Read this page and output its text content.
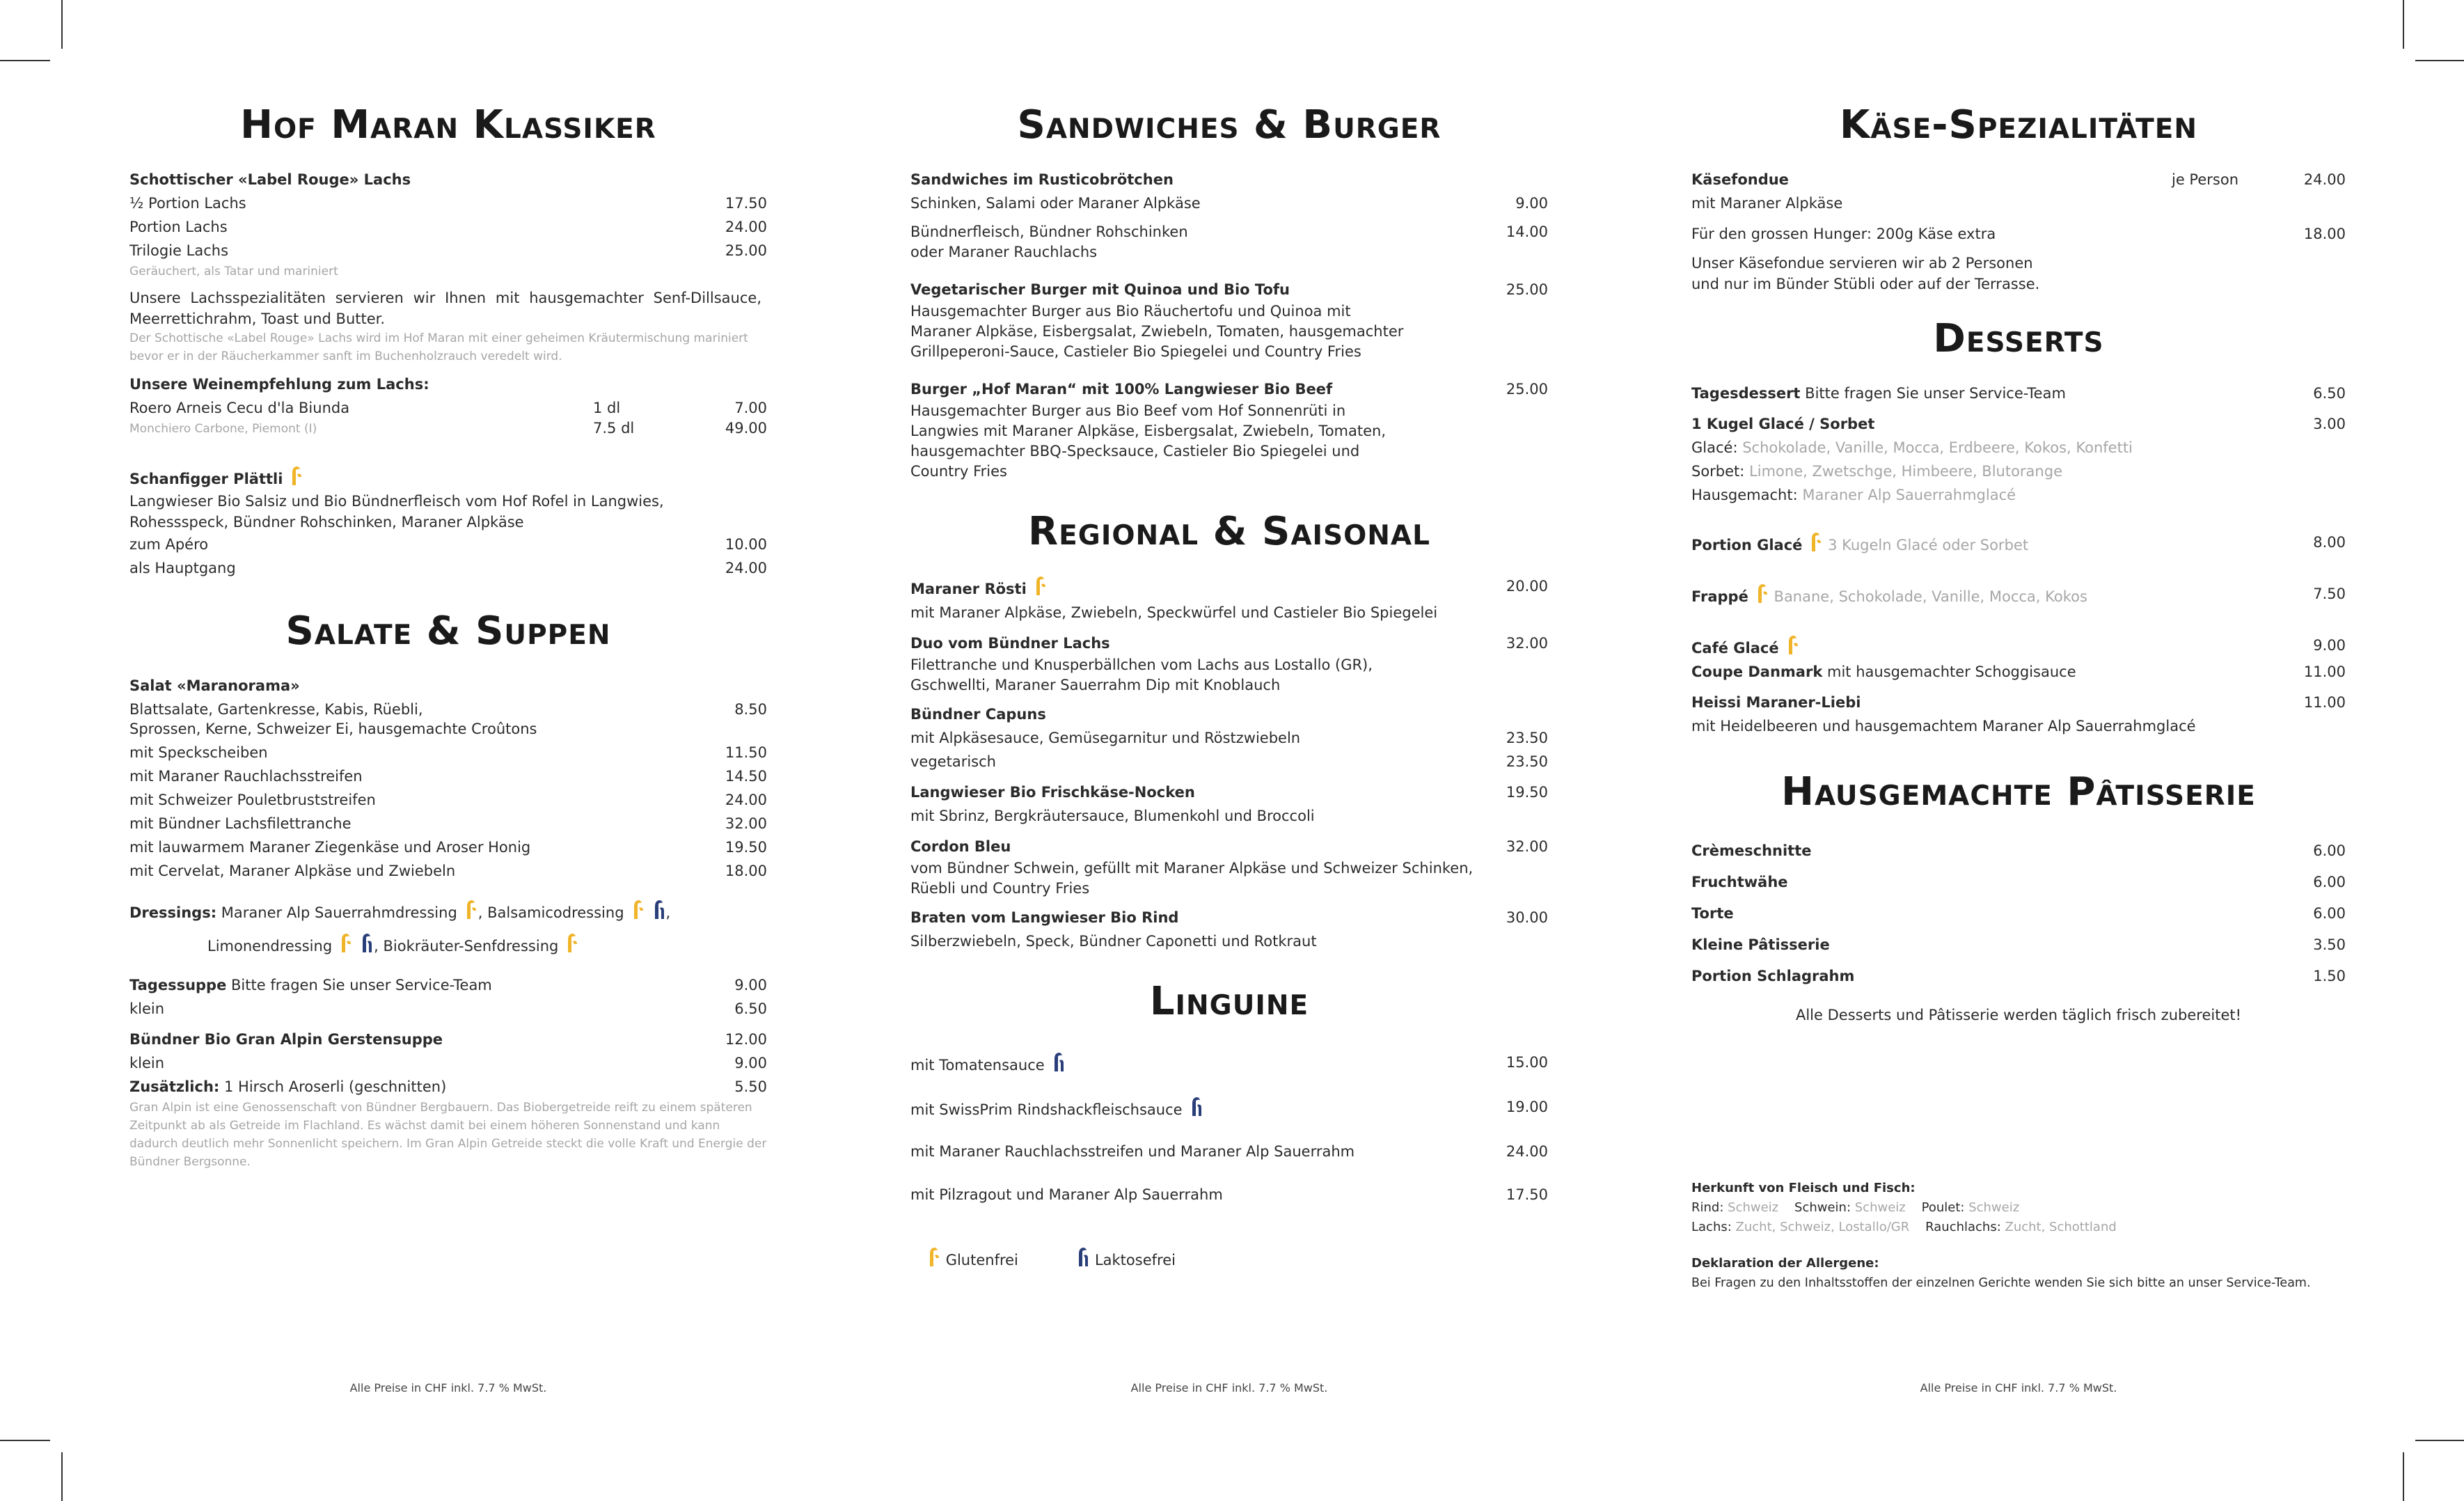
Hof Maran Klassiker
Schottischer «Label Rouge» Lachs
½ Portion Lachs	17.50
Portion Lachs	24.00
Trilogie Lachs	25.00
Geräuchert, als Tatar und mariniert
Unsere Lachsspezialitäten servieren wir Ihnen mit hausgemachter Senf-Dillsauce, Meerrettichrahm, Toast und Butter.
Der Schottische «Label Rouge» Lachs wird im Hof Maran mit einer geheimen Kräutermischung mariniert bevor er in der Räucherkammer sanft im Buchenholzrauch veredelt wird.
Unsere Weinempfehlung zum Lachs:
Roero Arneis Cecu d'la Biunda	1 dl	7.00
Monchiero Carbone, Piemont (I)	7.5 dl	49.00
Schanfigger Plättli
Langwieser Bio Salsiz und Bio Bündnerfleisch vom Hof Rofel in Langwies, Rohessspeck, Bündner Rohschinken, Maraner Alpkäse
zum Apéro	10.00
als Hauptgang	24.00
Salate & Suppen
Salat «Maranorama»
Blattsalate, Gartenkresse, Kabis, Rüebli,	8.50
Sprossen, Kerne, Schweizer Ei, hausgemachte Croûtons
mit Speckscheiben	11.50
mit Maraner Rauchlachsstreifen	14.50
mit Schweizer Pouletbruststreifen	24.00
mit Bündner Lachsfilettranche	32.00
mit lauwarmem Maraner Ziegenkäse und Aroser Honig	19.50
mit Cervelat, Maraner Alpkäse und Zwiebeln	18.00
Dressings: Maraner Alp Sauerrahmdressing , Balsamicodressing	,
Limonendressing	, Biokräuter-Senfdressing
Tagessuppe Bitte fragen Sie unser Service-Team	9.00
klein	6.50
Bündner Bio Gran Alpin Gerstensuppe	12.00
klein	9.00
Zusätzlich: 1 Hirsch Aroserli (geschnitten)	5.50
Gran Alpin ist eine Genossenschaft von Bündner Bergbauern. Das Biobergetreide reift zu einem späteren Zeitpunkt ab als Getreide im Flachland. Es wächst damit bei einem höheren Sonnenstand und kann dadurch deutlich mehr Sonnenlicht speichern. Im Gran Alpin Getreide steckt die volle Kraft und Energie der Bündner Bergsonne.
Sandwiches & Burger
Sandwiches im Rusticobrötchen
Schinken, Salami oder Maraner Alpkäse	9.00
Bündnerfleisch, Bündner Rohschinken	14.00
oder Maraner Rauchlachs
Vegetarischer Burger mit Quinoa und Bio Tofu	25.00
Hausgemachter Burger aus Bio Räuchertofu und Quinoa mit Maraner Alpkäse, Eisbergsalat, Zwiebeln, Tomaten, hausgemachter Grillpeperoni-Sauce, Castieler Bio Spiegelei und Country Fries
Burger „Hof Maran“ mit 100% Langwieser Bio Beef	25.00
Hausgemachter Burger aus Bio Beef vom Hof Sonnenrüti in Langwies mit Maraner Alpkäse, Eisbergsalat, Zwiebeln, Tomaten, hausgemachter BBQ-Specksauce, Castieler Bio Spiegelei und Country Fries
Regional & Saisonal
Maraner Rösti	20.00
mit Maraner Alpkäse, Zwiebeln, Speckwürfel und Castieler Bio Spiegelei
Duo vom Bündner Lachs	32.00
Filettranche und Knusperbällchen vom Lachs aus Lostallo (GR), Gschwellti, Maraner Sauerrahm Dip mit Knoblauch
Bündner Capuns
mit Alpkäsesauce, Gemüsegarnitur und Röstzwiebeln	23.50
vegetarisch	23.50
Langwieser Bio Frischkäse-Nocken	19.50
mit Sbrinz, Bergkräutersauce, Blumenkohl und Broccoli
Cordon Bleu	32.00
vom Bündner Schwein, gefüllt mit Maraner Alpkäse und Schweizer Schinken, Rüebli und Country Fries
Braten vom Langwieser Bio Rind	30.00
Silberzwiebeln, Speck, Bündner Caponetti und Rotkraut
Linguine
mit Tomatensauce	15.00
mit SwissPrim Rindshackfleischsauce	19.00
mit Maraner Rauchlachsstreifen und Maraner Alp Sauerrahm	24.00
mit Pilzragout und Maraner Alp Sauerrahm	17.50
Glutenfrei	Laktosefrei
Käse-Spezialitäten
Käsefondue	je Person	24.00
mit Maraner Alpkäse
Für den grossen Hunger: 200g Käse extra	18.00
Unser Käsefondue servieren wir ab 2 Personen
und nur im Bünder Stübli oder auf der Terrasse.
Desserts
Tagesdessert Bitte fragen Sie unser Service-Team	6.50
1 Kugel Glacé / Sorbet	3.00
Glacé: Schokolade, Vanille, Mocca, Erdbeere, Kokos, Konfetti
Sorbet: Limone, Zwetschge, Himbeere, Blutorange
Hausgemacht: Maraner Alp Sauerrahmglacé
Portion Glacé 3 Kugeln Glacé oder Sorbet	8.00
Frappé Banane, Schokolade, Vanille, Mocca, Kokos	7.50
Café Glacé	9.00
Coupe Danmark mit hausgemachter Schoggisauce	11.00
Heissi Maraner-Liebi	11.00
mit Heidelbeeren und hausgemachtem Maraner Alp Sauerrahmglacé
Hausgemachte Pâtisserie
Crèmeschnitte	6.00
Fruchtwähe	6.00
Torte	6.00
Kleine Pâtisserie	3.50
Portion Schlagrahm	1.50
Alle Desserts und Pâtisserie werden täglich frisch zubereitet!
Herkunft von Fleisch und Fisch:
Rind: Schweiz Schwein: Schweiz Poulet: Schweiz
Lachs: Zucht, Schweiz, Lostallo/GR Rauchlachs: Zucht, Schottland
Deklaration der Allergene:
Bei Fragen zu den Inhaltsstoffen der einzelnen Gerichte wenden Sie sich bitte an unser Service-Team.
Alle Preise in CHF inkl. 7.7 % MwSt.	Alle Preise in CHF inkl. 7.7 % MwSt.	Alle Preise in CHF inkl. 7.7 % MwSt.
